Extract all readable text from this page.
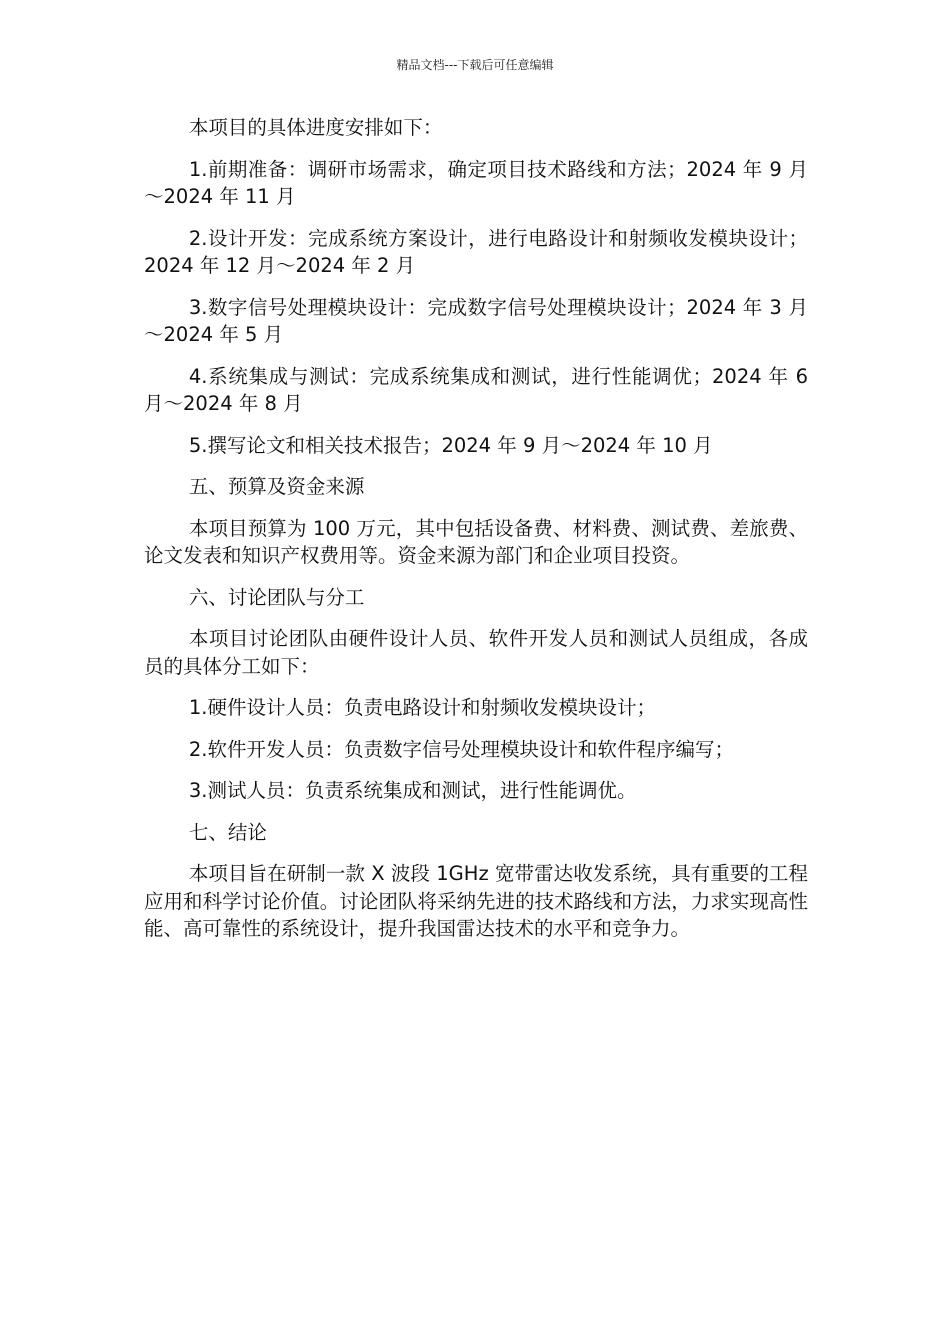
精品文档---下载后可任意编辑

本项目的具体进度安排如下：

1.前期准备：调研市场需求，确定项目技术路线和方法；2024 年 9 月～2024 年 11 月

2.设计开发：完成系统方案设计，进行电路设计和射频收发模块设计；2024 年 12 月～2024 年 2 月

3.数字信号处理模块设计：完成数字信号处理模块设计；2024 年 3 月～2024 年 5 月

4.系统集成与测试：完成系统集成和测试，进行性能调优；2024 年 6 月～2024 年 8 月

5.撰写论文和相关技术报告；2024 年 9 月～2024 年 10 月

五、预算及资金来源

本项目预算为 100 万元，其中包括设备费、材料费、测试费、差旅费、论文发表和知识产权费用等。资金来源为部门和企业项目投资。

六、讨论团队与分工

本项目讨论团队由硬件设计人员、软件开发人员和测试人员组成，各成员的具体分工如下：

1.硬件设计人员：负责电路设计和射频收发模块设计；

2.软件开发人员：负责数字信号处理模块设计和软件程序编写；

3.测试人员：负责系统集成和测试，进行性能调优。

七、结论

本项目旨在研制一款 X 波段 1GHz 宽带雷达收发系统，具有重要的工程应用和科学讨论价值。讨论团队将采纳先进的技术路线和方法，力求实现高性能、高可靠性的系统设计，提升我国雷达技术的水平和竞争力。
